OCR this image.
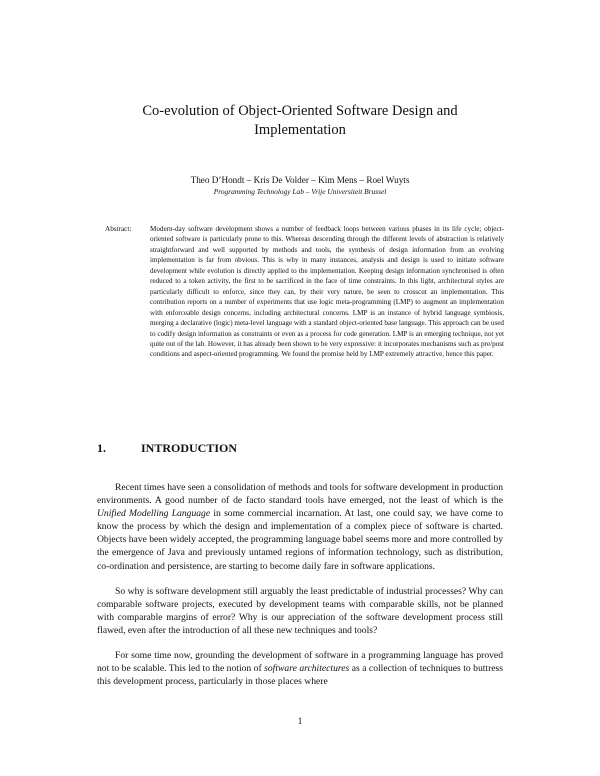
Co-evolution of Object-Oriented Software Design and Implementation
Theo D’Hondt – Kris De Volder – Kim Mens – Roel Wuyts
Programming Technology Lab – Vrije Universiteit Brussel
Abstract:	Modern-day software development shows a number of feedback loops between various phases in its life cycle; object-oriented software is particularly prone to this. Whereas descending through the different levels of abstraction is relatively straightforward and well supported by methods and tools, the synthesis of design information from an evolving implementation is far from obvious. This is why in many instances, analysis and design is used to initiate software development while evolution is directly applied to the implementation. Keeping design information synchronised is often reduced to a token activity, the first to be sacrificed in the face of time constraints. In this light, architectural styles are particularly difficult to enforce, since they can, by their very nature, be seen to crosscut an implementation. This contribution reports on a number of experiments that use logic meta-programming (LMP) to augment an implementation with enforceable design concerns, including architectural concerns. LMP is an instance of hybrid language symbiosis, merging a declarative (logic) meta-level language with a standard object-oriented base language. This approach can be used to codify design information as constraints or even as a process for code generation. LMP is an emerging technique, not yet quite out of the lab. However, it has already been shown to be very expressive: it incorporates mechanisms such as pre/post conditions and aspect-oriented programming. We found the promise held by LMP extremely attractive, hence this paper.
1.	INTRODUCTION

Recent times have seen a consolidation of methods and tools for software development in production environments. A good number of de facto standard tools have emerged, not the least of which is the Unified Modelling Language in some commercial incarnation. At last, one could say, we have come to know the process by which the design and implementation of a complex piece of software is charted. Objects have been widely accepted, the programming language babel seems more and more controlled by the emergence of Java and previously untamed regions of information technology, such as distribution, co-ordination and persistence, are starting to become daily fare in software applications.

So why is software development still arguably the least predictable of industrial processes? Why can comparable software projects, executed by development teams with comparable skills, not be planned with comparable margins of error? Why is our appreciation of the software development process still flawed, even after the introduction of all these new techniques and tools?

For some time now, grounding the development of software in a programming language has proved not to be scalable. This led to the notion of software architectures as a collection of techniques to buttress this development process, particularly in those places where

1
